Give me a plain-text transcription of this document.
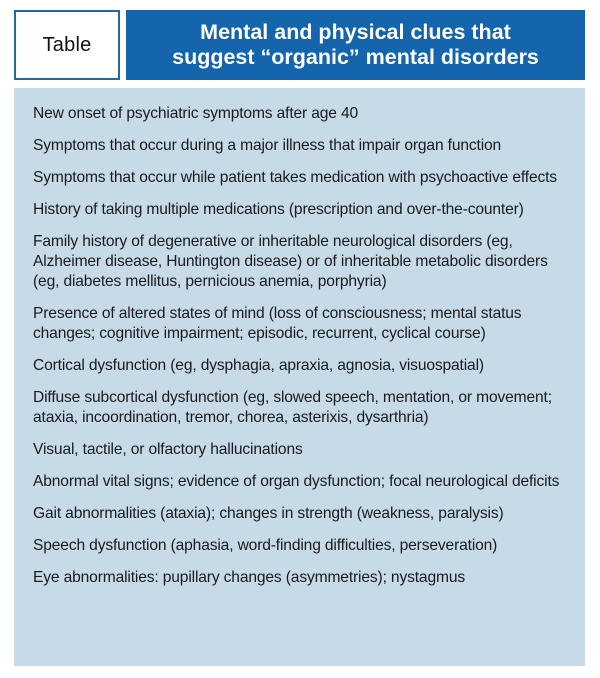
Table
Mental and physical clues that
suggest “organic” mental disorders
New onset of psychiatric symptoms after age 40
Symptoms that occur during a major illness that impair organ function
Symptoms that occur while patient takes medication with psychoactive effects
History of taking multiple medications (prescription and over-the-counter)
Family history of degenerative or inheritable neurological disorders (eg, Alzheimer disease, Huntington disease) or of inheritable metabolic disorders (eg, diabetes mellitus, pernicious anemia, porphyria)
Presence of altered states of mind (loss of consciousness; mental status changes; cognitive impairment; episodic, recurrent, cyclical course)
Cortical dysfunction (eg, dysphagia, apraxia, agnosia, visuospatial)
Diffuse subcortical dysfunction (eg, slowed speech, mentation, or movement; ataxia, incoordination, tremor, chorea, asterixis, dysarthria)
Visual, tactile, or olfactory hallucinations
Abnormal vital signs; evidence of organ dysfunction; focal neurological deficits
Gait abnormalities (ataxia); changes in strength (weakness, paralysis)
Speech dysfunction (aphasia, word-finding difficulties, perseveration)
Eye abnormalities: pupillary changes (asymmetries); nystagmus
